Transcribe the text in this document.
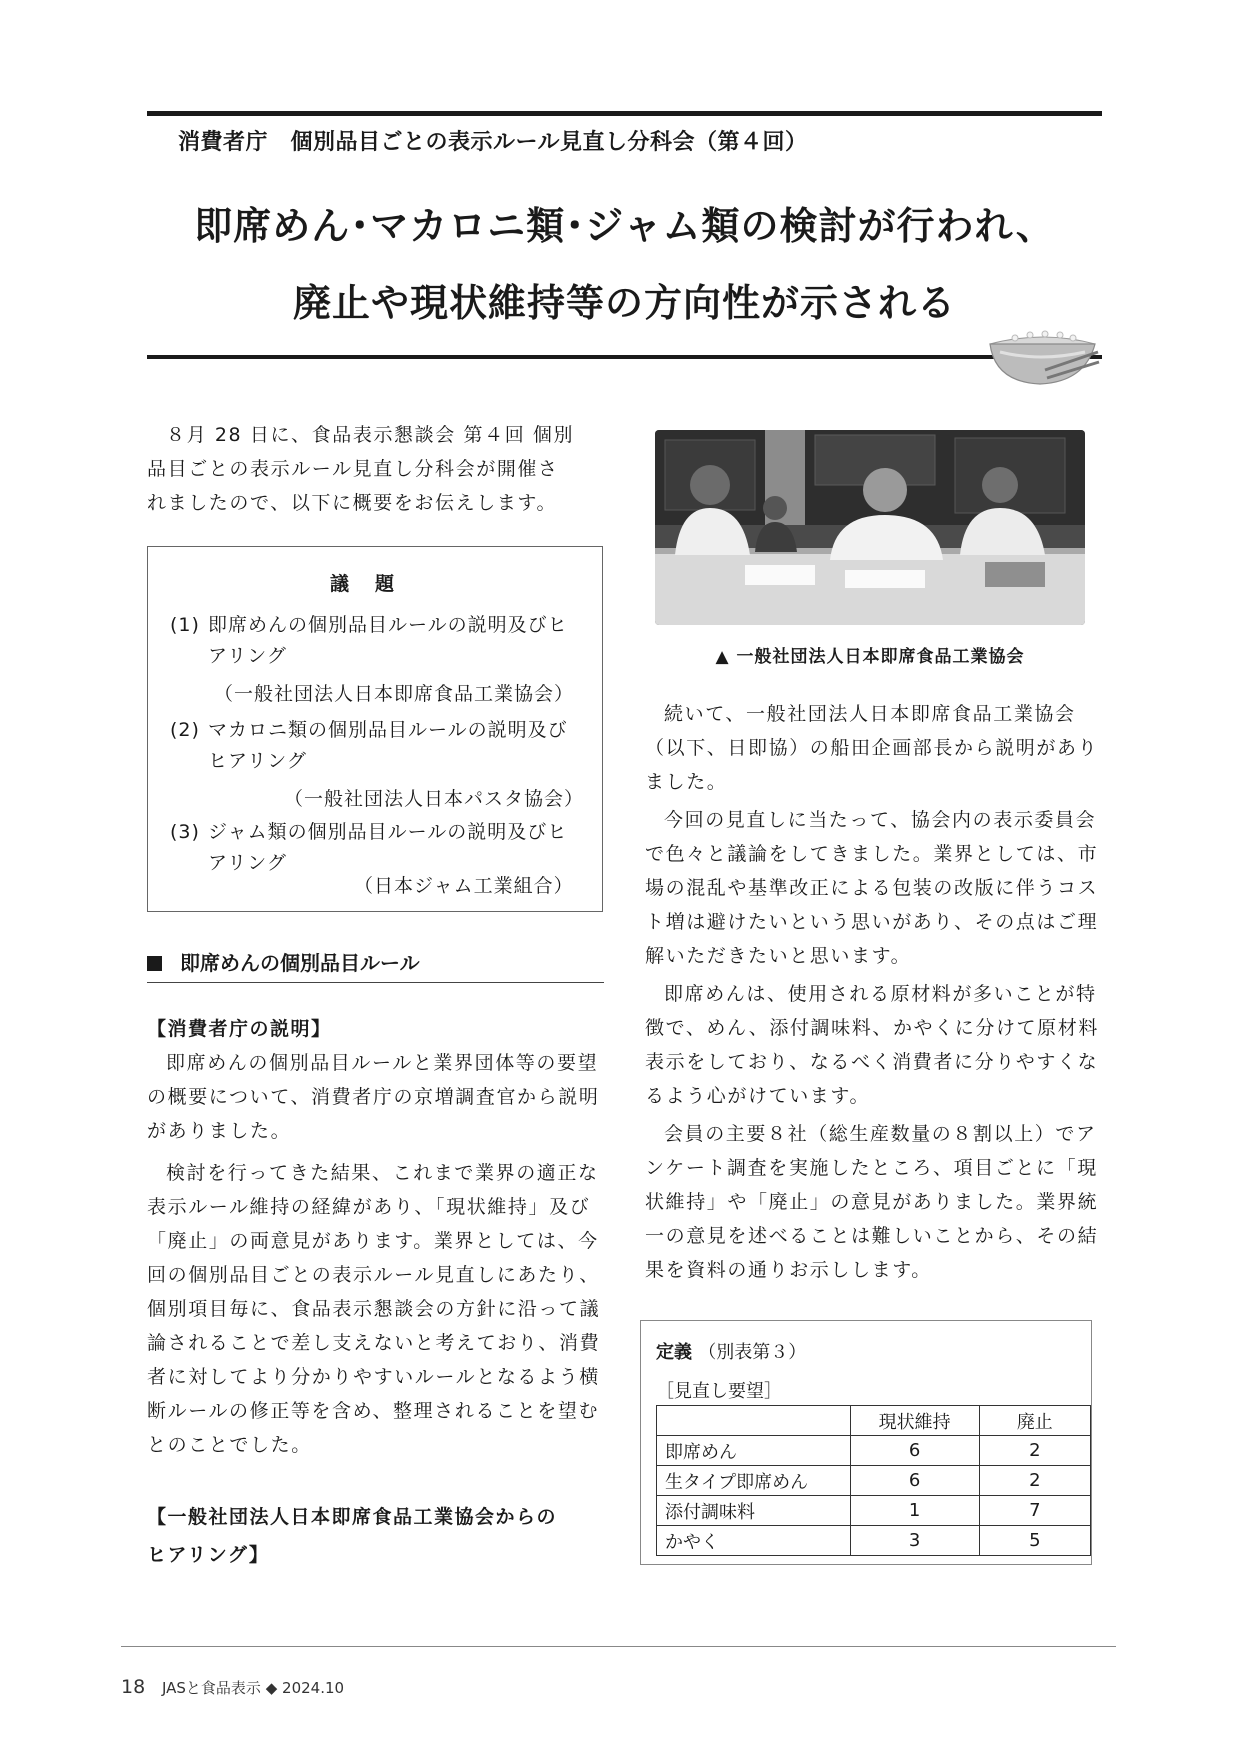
消費者庁　個別品目ごとの表示ルール見直し分科会（第４回）
即席めん･マカロニ類･ジャム類の検討が行われ、
廃止や現状維持等の方向性が示される

８月 28 日に、食品表示懇談会 第４回 個別

品目ごとの表示ルール見直し分科会が開催さ

れましたので、以下に概要をお伝えします。

議題
(1) 即席めんの個別品目ルールの説明及びヒアリング
（一般社団法人日本即席食品工業協会）
(2) マカロニ類の個別品目ルールの説明及びヒアリング
（一般社団法人日本パスタ協会）
(3) ジャム類の個別品目ルールの説明及びヒアリング
（日本ジャム工業組合）
即席めんの個別品目ルール
【消費者庁の説明】

即席めんの個別品目ルールと業界団体等の要望の概要について、消費者庁の京増調査官から説明がありました。

検討を行ってきた結果、これまで業界の適正な表示ルール維持の経緯があり、「現状維持」及び「廃止」の両意見があります。業界としては、今回の個別品目ごとの表示ルール見直しにあたり、個別項目毎に、食品表示懇談会の方針に沿って議論されることで差し支えないと考えており、消費者に対してより分かりやすいルールとなるよう横断ルールの修正等を含め、整理されることを望むとのことでした。

【一般社団法人日本即席食品工業協会からの
ヒアリング】
▲ 一般社団法人日本即席食品工業協会

続いて、一般社団法人日本即席食品工業協会（以下、日即協）の船田企画部長から説明がありました。

今回の見直しに当たって、協会内の表示委員会で色々と議論をしてきました。業界としては、市場の混乱や基準改正による包装の改版に伴うコスト増は避けたいという思いがあり、その点はご理解いただきたいと思います。

即席めんは、使用される原材料が多いことが特徴で、めん、添付調味料、かやくに分けて原材料表示をしており、なるべく消費者に分りやすくなるよう心がけています。

会員の主要８社（総生産数量の８割以上）でアンケート調査を実施したところ、項目ごとに「現状維持」や「廃止」の意見がありました。業界統一の意見を述べることは難しいことから、その結果を資料の通りお示しします。

定義 （別表第３）
［見直し要望］
	現状維持	廃止
即席めん	6	2
生タイプ即席めん	6	2
添付調味料	1	7
かやく	3	5
18 JASと食品表示 ◆ 2024.10
